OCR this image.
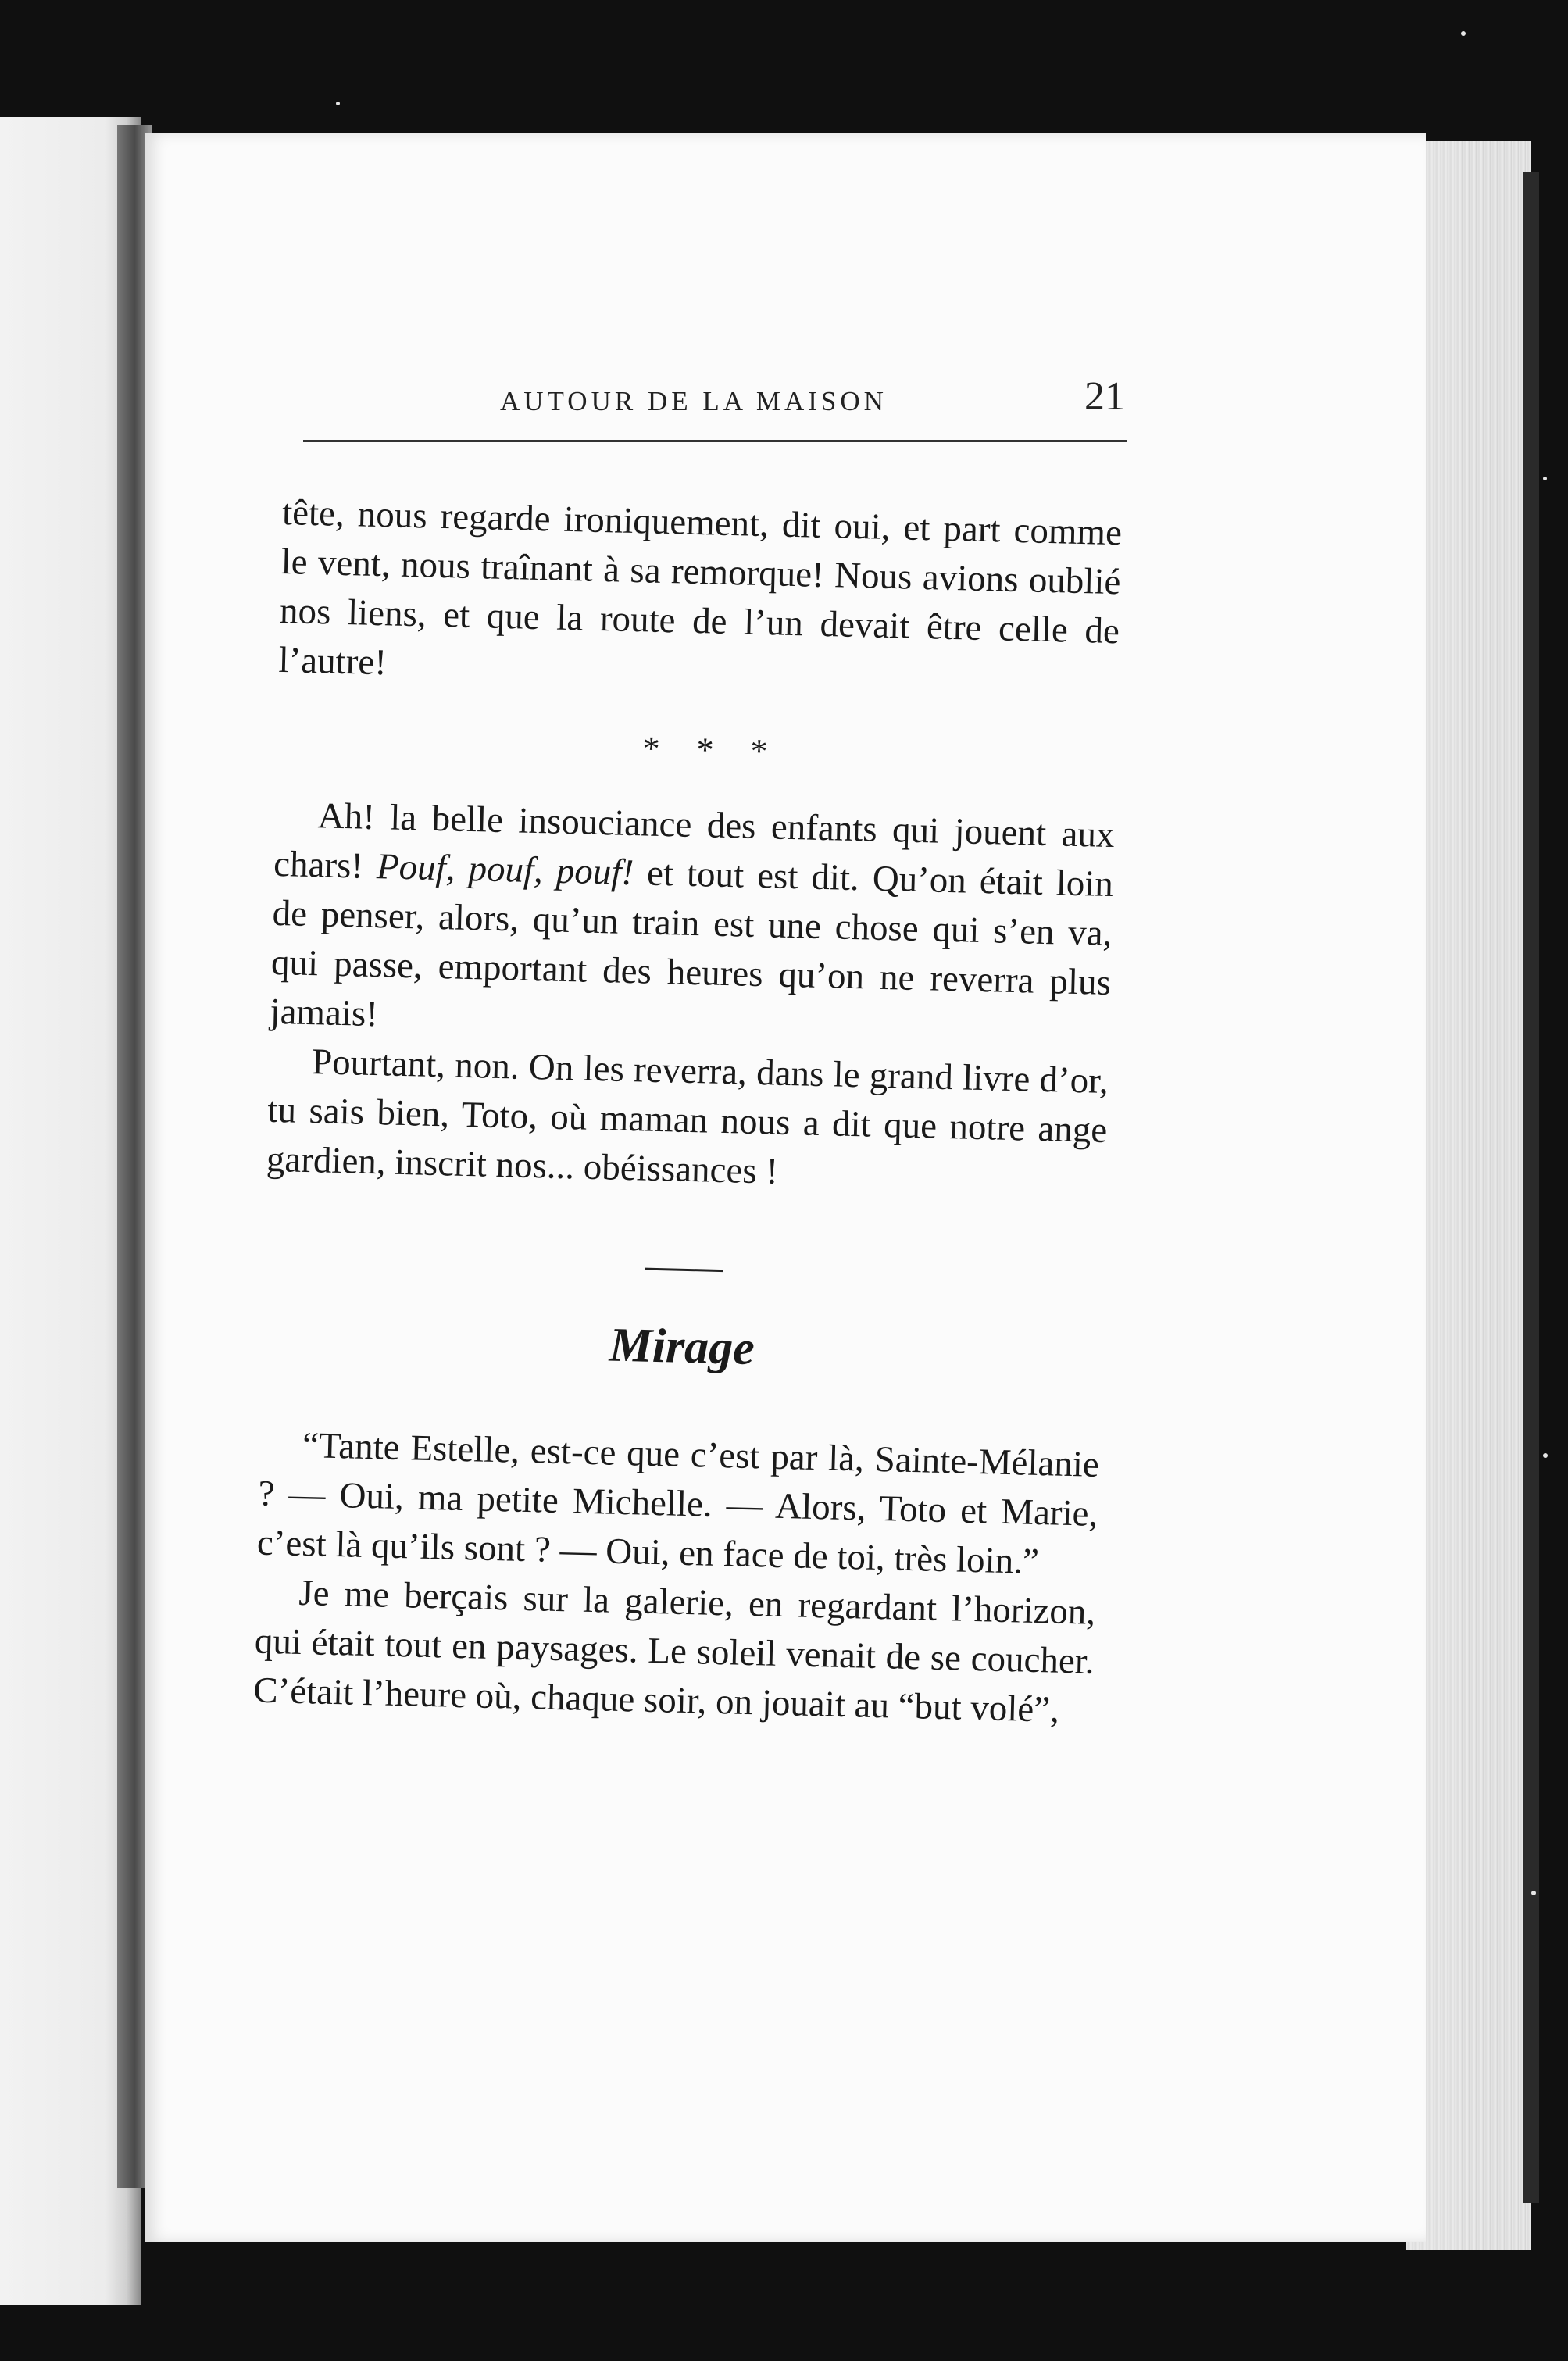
AUTOUR DE LA MAISON	21

tête, nous regarde ironiquement, dit oui, et part comme le vent, nous traînant à sa remorque! Nous avions oublié nos liens, et que la route de l’un devait être celle de l’autre!

* * *

Ah! la belle insouciance des enfants qui jouent aux chars! Pouf, pouf, pouf! et tout est dit. Qu’on était loin de penser, alors, qu’un train est une chose qui s’en va, qui passe, emportant des heures qu’on ne reverra plus jamais!

Pourtant, non. On les reverra, dans le grand livre d’or, tu sais bien, Toto, où maman nous a dit que notre ange gardien, inscrit nos... obéissances !

Mirage

“Tante Estelle, est-ce que c’est par là, Sainte-Mélanie ? — Oui, ma petite Michelle. — Alors, Toto et Marie, c’est là qu’ils sont ? — Oui, en face de toi, très loin.”

Je me berçais sur la galerie, en regardant l’horizon, qui était tout en paysages. Le soleil venait de se coucher. C’était l’heure où, chaque soir, on jouait au “but volé”,
